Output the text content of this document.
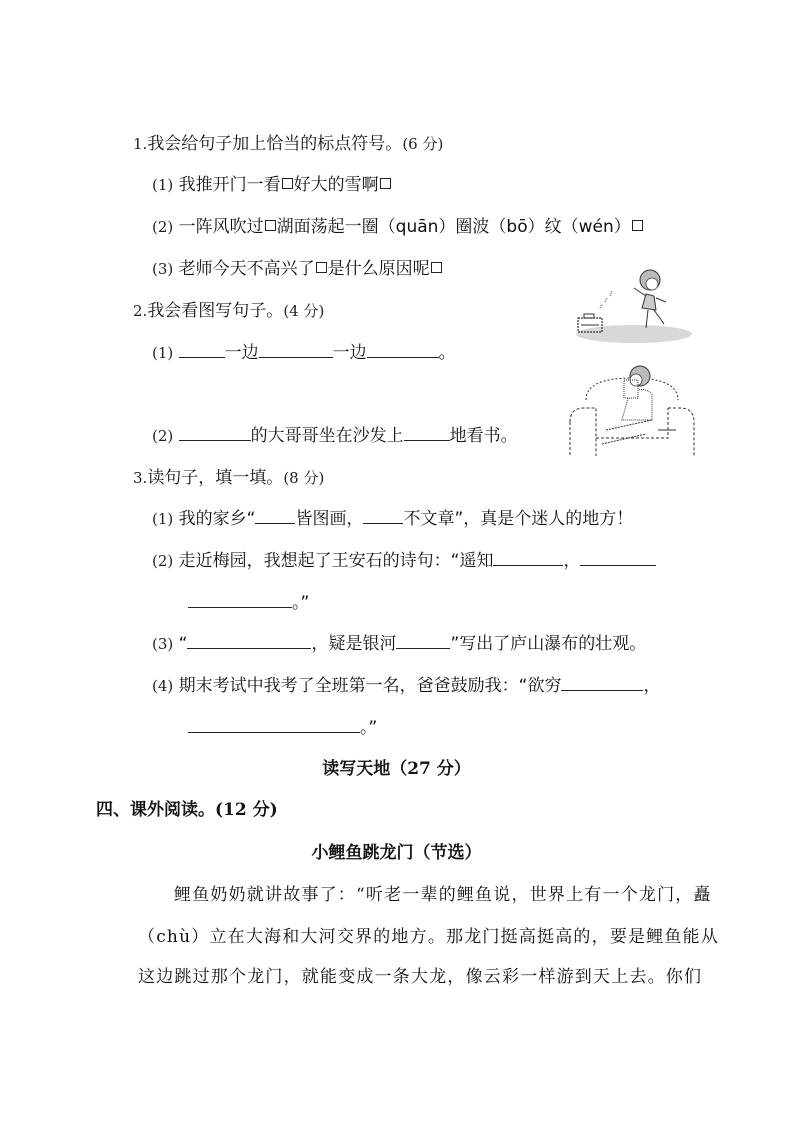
1.我会给句子加上恰当的标点符号。(6 分)
(1) 我推开门一看 好大的雪啊
(2) 一阵风吹过 湖面荡起一圈（quān）圈波（bō）纹（wén）
(3) 老师今天不高兴了 是什么原因呢
2.我会看图写句子。(4 分)
(1)	一边	一边	。
(2)	的大哥哥坐在沙发上	地看书。
3.读句子，填一填。(8 分)
(1) 我的家乡“ 皆图画， 不文章”，真是个迷人的地方！
(2) 走近梅园，我想起了王安石的诗句：“遥知	，
。”
(3) “	，疑是银河	”写出了庐山瀑布的壮观。
(4) 期末考试中我考了全班第一名，爸爸鼓励我：“欲穷	，
。”
读写天地（27 分）
四、课外阅读。(12 分)
小鲤鱼跳龙门（节选）
鲤鱼奶奶就讲故事了：“听老一辈的鲤鱼说，世界上有一个龙门，矗
（chù）立在大海和大河交界的地方。那龙门挺高挺高的，要是鲤鱼能从
这边跳过那个龙门，就能变成一条大龙，像云彩一样游到天上去。你们
